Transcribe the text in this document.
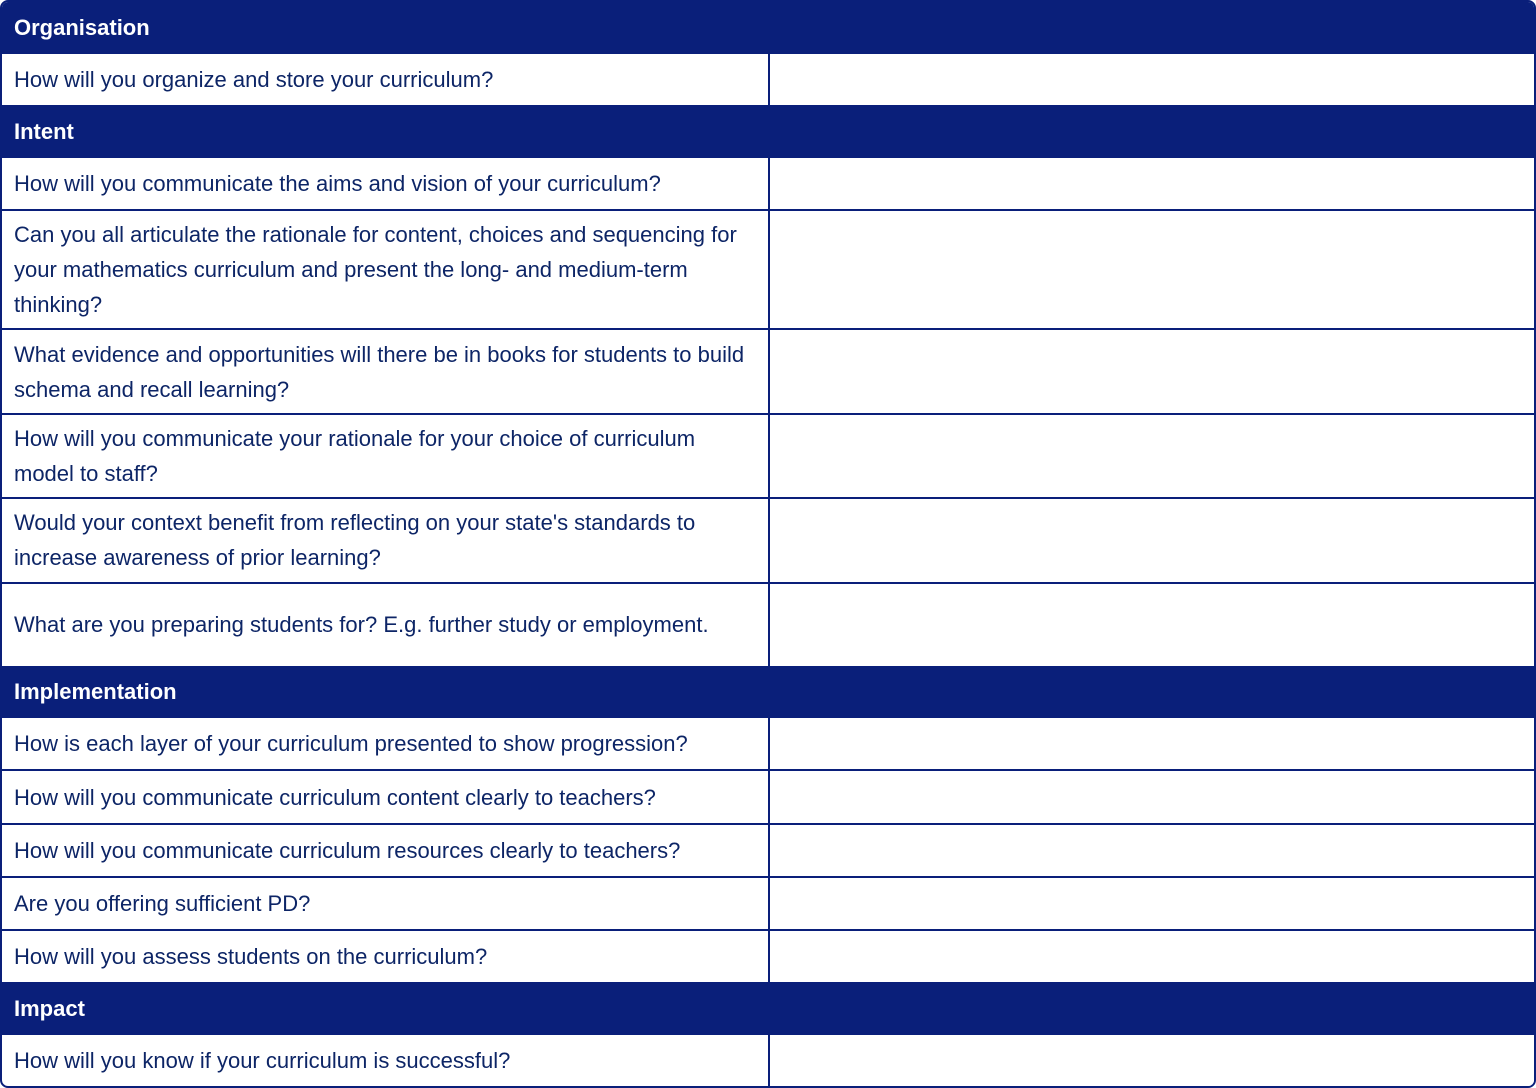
Organisation	
How will you organize and store your curriculum?	
Intent	
How will you communicate the aims and vision of your curriculum?	
Can you all articulate the rationale for content, choices and sequencing for your mathematics curriculum and present the long- and medium-term thinking?	
What evidence and opportunities will there be in books for students to build schema and recall learning?	
How will you communicate your rationale for your choice of curriculum model to staff?	
Would your context benefit from reflecting on your state's standards to increase awareness of prior learning?	
What are you preparing students for? E.g. further study or employment.	
Implementation	
How is each layer of your curriculum presented to show progression?	
How will you communicate curriculum content clearly to teachers?	
How will you communicate curriculum resources clearly to teachers?	
Are you offering sufficient PD?	
How will you assess students on the curriculum?	
Impact	
How will you know if your curriculum is successful?	
